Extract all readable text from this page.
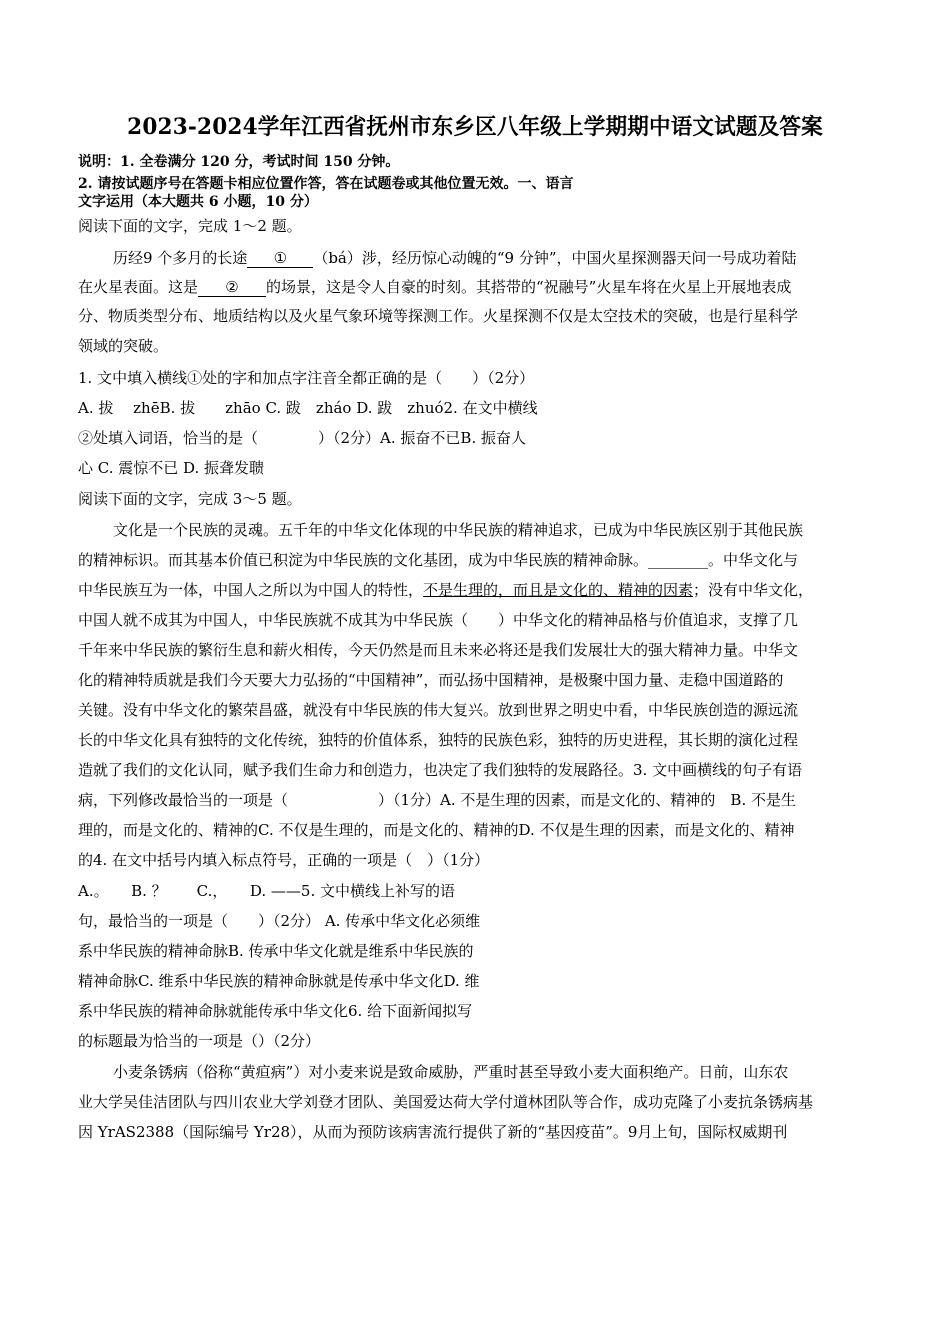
2023-2024学年江西省抚州市东乡区八年级上学期期中语文试题及答案
说明：1. 全卷满分 120 分，考试时间 150 分钟。
2. 请按试题序号在答题卡相应位置作答，答在试题卷或其他位置无效。一、语言
文字运用（本大题共 6 小题，10 分）
阅读下面的文字，完成 1～2 题。
历经9 个多月的长途 ① （bá）涉，经历惊心动魄的“9 分钟”，中国火星探测器天问一号成功着陆
在火星表面。这是 ② 的场景，这是令人自豪的时刻。其搭带的“祝融号”火星车将在火星上开展地表成
分、物质类型分布、地质结构以及火星气象环境等探测工作。火星探测不仅是太空技术的突破，也是行星科学
领域的突破。
1. 文中填入横线①处的字和加点字注音全都正确的是（　　）（2分）
A. 拔　 zhēB. 拔　　zhāo C. 跋　zháo D. 跋　zhuó2. 在文中横线
②处填入词语，恰当的是（　　　　）（2分）A. 振奋不已B. 振奋人
心 C. 震惊不已 D. 振聋发聩
阅读下面的文字，完成 3～5 题。
文化是一个民族的灵魂。五千年的中华文化体现的中华民族的精神追求，已成为中华民族区别于其他民族
的精神标识。而其基本价值已积淀为中华民族的文化基团，成为中华民族的精神命脉。________。中华文化与
中华民族互为一体，中国人之所以为中国人的特性，不是生理的，而且是文化的、精神的因素；没有中华文化，
中国人就不成其为中国人，中华民族就不成其为中华民族（　　）中华文化的精神品格与价值追求，支撑了几
千年来中华民族的繁衍生息和薪火相传，今天仍然是而且未来必将还是我们发展壮大的强大精神力量。中华文
化的精神特质就是我们今天要大力弘扬的“中国精神”，而弘扬中国精神，是极聚中国力量、走稳中国道路的
关键。没有中华文化的繁荣昌盛，就没有中华民族的伟大复兴。放到世界之明史中看，中华民族创造的源远流
长的中华文化具有独特的文化传统，独特的价值体系，独特的民族色彩，独特的历史进程，其长期的演化过程
造就了我们的文化认同，赋予我们生命力和创造力，也决定了我们独特的发展路径。3. 文中画横线的句子有语
病，下列修改最恰当的一项是（　　　　　　）（1分）A. 不是生理的因素，而是文化的、精神的　B. 不是生
理的，而是文化的、精神的C. 不仅是生理的，而是文化的、精神的D. 不仅是生理的因素，而是文化的、精神
的4. 在文中括号内填入标点符号，正确的一项是（　）（1分）
A.。　　B. ？　　C.，　　D. ——5. 文中横线上补写的语
句，最恰当的一项是（　　）（2分） A. 传承中华文化必须维
系中华民族的精神命脉B. 传承中华文化就是维系中华民族的
精神命脉C. 维系中华民族的精神命脉就是传承中华文化D. 维
系中华民族的精神命脉就能传承中华文化6. 给下面新闻拟写
的标题最为恰当的一项是（）（2分）
小麦条锈病（俗称“黄疸病”）对小麦来说是致命威胁，严重时甚至导致小麦大面积绝产。日前，山东农
业大学吴佳洁团队与四川农业大学刘登才团队、美国爱达荷大学付道林团队等合作，成功克隆了小麦抗条锈病基
因 YrAS2388（国际编号 Yr28），从而为预防该病害流行提供了新的“基因疫苗”。9月上旬，国际权威期刊
